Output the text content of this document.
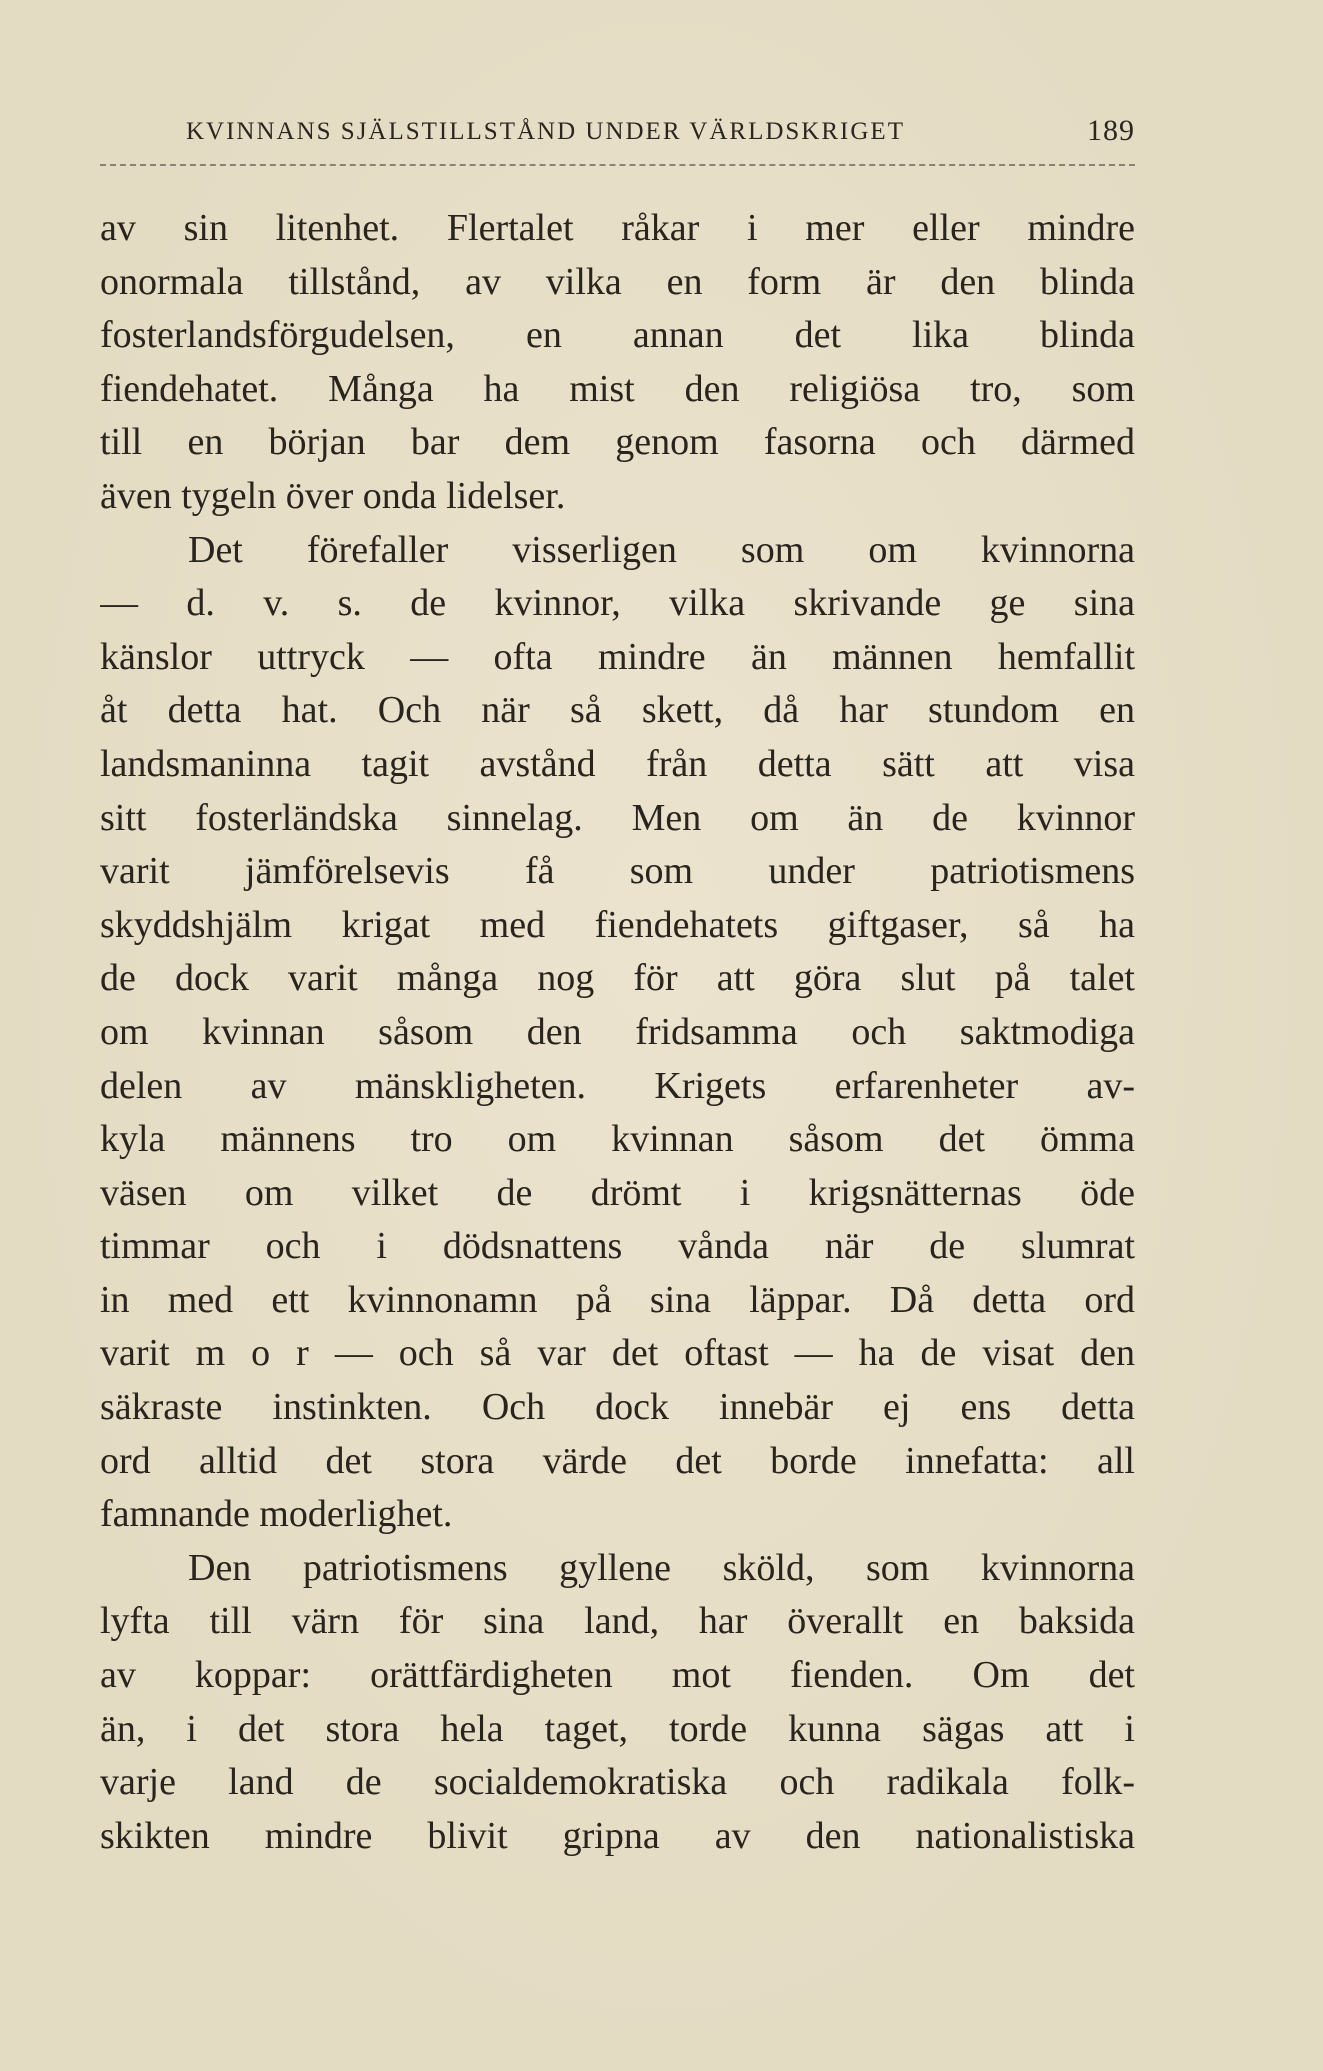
KVINNANS SJÄLSTILLSTÅND UNDER VÄRLDSKRIGET	189
av sin litenhet. Flertalet råkar i mer eller mindre
onormala tillstånd, av vilka en form är den blinda
fosterlandsförgudelsen, en annan det lika blinda
fiendehatet. Många ha mist den religiösa tro, som
till en början bar dem genom fasorna och därmed
även tygeln över onda lidelser.
Det förefaller visserligen som om kvinnorna
— d. v. s. de kvinnor, vilka skrivande ge sina
känslor uttryck — ofta mindre än männen hemfallit
åt detta hat. Och när så skett, då har stundom en
landsmaninna tagit avstånd från detta sätt att visa
sitt fosterländska sinnelag. Men om än de kvinnor
varit jämförelsevis få som under patriotismens
skyddshjälm krigat med fiendehatets giftgaser, så ha
de dock varit många nog för att göra slut på talet
om kvinnan såsom den fridsamma och saktmodiga
delen av mänskligheten. Krigets erfarenheter av-
kyla männens tro om kvinnan såsom det ömma
väsen om vilket de drömt i krigsnätternas öde
timmar och i dödsnattens vånda när de slumrat
in med ett kvinnonamn på sina läppar. Då detta ord
varit m o r — och så var det oftast — ha de visat den
säkraste instinkten. Och dock innebär ej ens detta
ord alltid det stora värde det borde innefatta: all
famnande moderlighet.
Den patriotismens gyllene sköld, som kvinnorna
lyfta till värn för sina land, har överallt en baksida
av koppar: orättfärdigheten mot fienden. Om det
än, i det stora hela taget, torde kunna sägas att i
varje land de socialdemokratiska och radikala folk-
skikten mindre blivit gripna av den nationalistiska
